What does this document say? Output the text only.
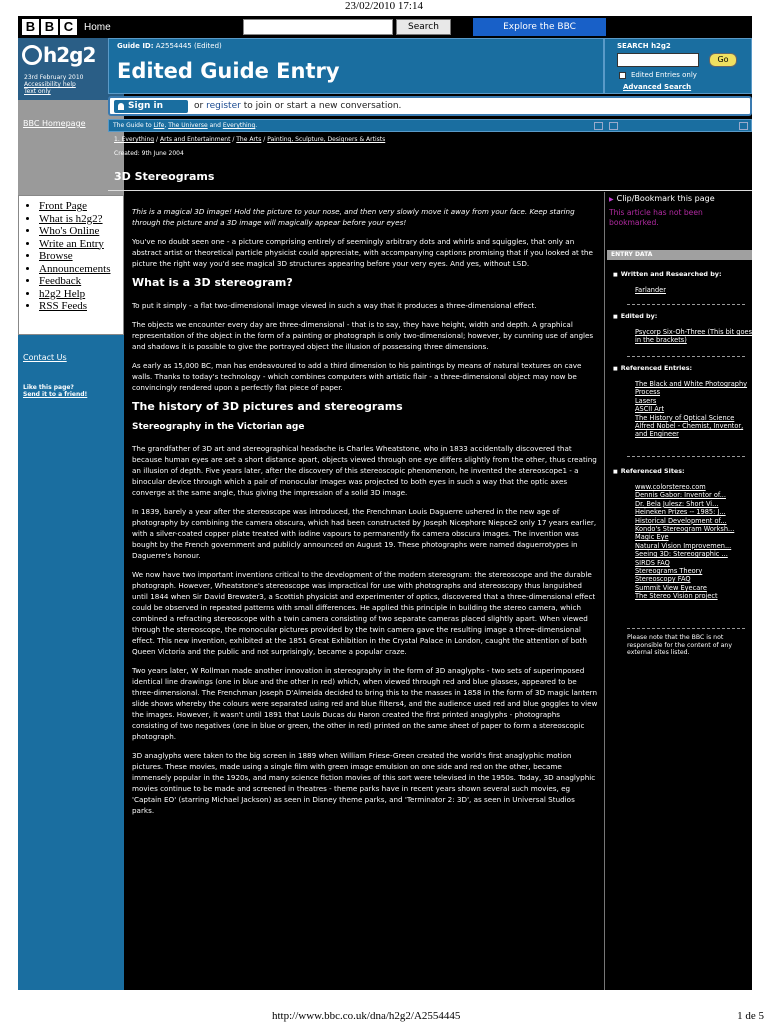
23/02/2010 17:14
B B C	Home	Search	Explore the BBC
h2g2
23rd February 2010
Accessibility help
Text only
BBC Homepage
• Front Page
• What is h2g2?
• Who's Online
• Write an Entry
• Browse
• Announcements
• Feedback
• h2g2 Help
• RSS Feeds
Contact Us
Like this page?
Send it to a friend!
Guide ID: A2554445 (Edited)
Edited Guide Entry
SEARCH h2g2
Go
Edited Entries only
Advanced Search
Sign in	or register to join or start a new conversation.
The Guide to Life, The Universe and Everything.
1. Everything / Arts and Entertainment / The Arts / Painting, Sculpture, Designers & Artists
Created: 9th June 2004
3D Stereograms

This is a magical 3D image! Hold the picture to your nose, and then very slowly move it away from your face. Keep staring through the picture and a 3D image will magically appear before your eyes!

You've no doubt seen one - a picture comprising entirely of seemingly arbitrary dots and whirls and squiggles, that only an abstract artist or theoretical particle physicist could appreciate, with accompanying captions promising that if you looked at the picture the right way you'd see magical 3D structures appearing before your very eyes. And yes, without LSD.

What is a 3D stereogram?

To put it simply - a flat two-dimensional image viewed in such a way that it produces a three-dimensional effect.

The objects we encounter every day are three-dimensional - that is to say, they have height, width and depth. A graphical representation of the object in the form of a painting or photograph is only two-dimensional; however, by cunning use of angles and shadows it is possible to give the portrayed object the illusion of possessing three dimensions.

As early as 15,000 BC, man has endeavoured to add a third dimension to his paintings by means of natural textures on cave walls. Thanks to today's technology - which combines computers with artistic flair - a three-dimensional object may now be convincingly rendered upon a perfectly flat piece of paper.

The history of 3D pictures and stereograms
Stereography in the Victorian age

The grandfather of 3D art and stereographical headache is Charles Wheatstone, who in 1833 accidentally discovered that because human eyes are set a short distance apart, objects viewed through one eye differs slightly from the other, thus creating an illusion of depth. Five years later, after the discovery of this stereoscopic phenomenon, he invented the stereoscope1 - a binocular device through which a pair of monocular images was projected to both eyes in such a way that the optic axes converge at the same angle, thus giving the impression of a solid 3D image.

In 1839, barely a year after the stereoscope was introduced, the Frenchman Louis Daguerre ushered in the new age of photography by combining the camera obscura, which had been constructed by Joseph Nicephore Niepce2 only 17 years earlier, with a silver-coated copper plate treated with iodine vapours to permanently fix camera obscura images. The invention was bought by the French government and publicly announced on August 19. These photographs were named daguerrotypes in Daguerre's honour.

We now have two important inventions critical to the development of the modern stereogram: the stereoscope and the durable photograph. However, Wheatstone's stereoscope was impractical for use with photographs and stereoscopy thus languished until 1844 when Sir David Brewster3, a Scottish physicist and experimenter of optics, discovered that a three-dimensional effect could be observed in repeated patterns with small differences. He applied this principle in building the stereo camera, which combined a refracting stereoscope with a twin camera consisting of two separate cameras placed slightly apart. When viewed through the stereoscope, the monocular pictures provided by the twin camera gave the resulting image a three-dimensional effect. This new invention, exhibited at the 1851 Great Exhibition in the Crystal Palace in London, caught the attention of both Queen Victoria and the public and not surprisingly, became a popular craze.

Two years later, W Rollman made another innovation in stereography in the form of 3D anaglyphs - two sets of superimposed identical line drawings (one in blue and the other in red) which, when viewed through red and blue glasses, appeared to be three-dimensional. The Frenchman Joseph D'Almeida decided to bring this to the masses in 1858 in the form of 3D magic lantern slide shows whereby the colours were separated using red and blue filters4, and the audience used red and blue goggles to view the images. However, it wasn't until 1891 that Louis Ducas du Haron created the first printed anaglyphs - photographs consisting of two negatives (one in blue or green, the other in red) printed on the same sheet of paper to form a stereoscopic photograph.

3D anaglyphs were taken to the big screen in 1889 when William Friese-Green created the world's first anaglyphic motion pictures. These movies, made using a single film with green image emulsion on one side and red on the other, became immensely popular in the 1920s, and many science fiction movies of this sort were televised in the 1950s. Today, 3D anaglyphic movies continue to be made and screened in theatres - theme parks have in recent years shown several such movies, eg 'Captain EO' (starring Michael Jackson) as seen in Disney theme parks, and 'Terminator 2: 3D', as seen in Universal Studios parks.

▶ Clip/Bookmark this page
This article has not been bookmarked.
ENTRY DATA
■ Written and Researched by:
Farlander
■ Edited by:
Psycorp Six-Oh-Three (This bit goes in the brackets)
■ Referenced Entries:
The Black and White Photography Process
Lasers
ASCII Art
The History of Optical Science
Alfred Nobel - Chemist, Inventor, and Engineer
■ Referenced Sites:
www.colorstereo.com
Dennis Gabor: Inventor of...
Dr. Bela Julesz: Short Vi...
Heineken Prizes -- 1985: J...
Historical Development of...
Kondo's Stereogram Worksh...
Magic Eye
Natural Vision Improvemen...
Seeing 3D: Stereographic ...
SIRDS FAQ
Stereograms Theory
Stereoscopy FAQ
Summit View Eyecare
The Stereo Vision project
Please note that the BBC is not responsible for the content of any external sites listed.
http://www.bbc.co.uk/dna/h2g2/A2554445	1 de 5
